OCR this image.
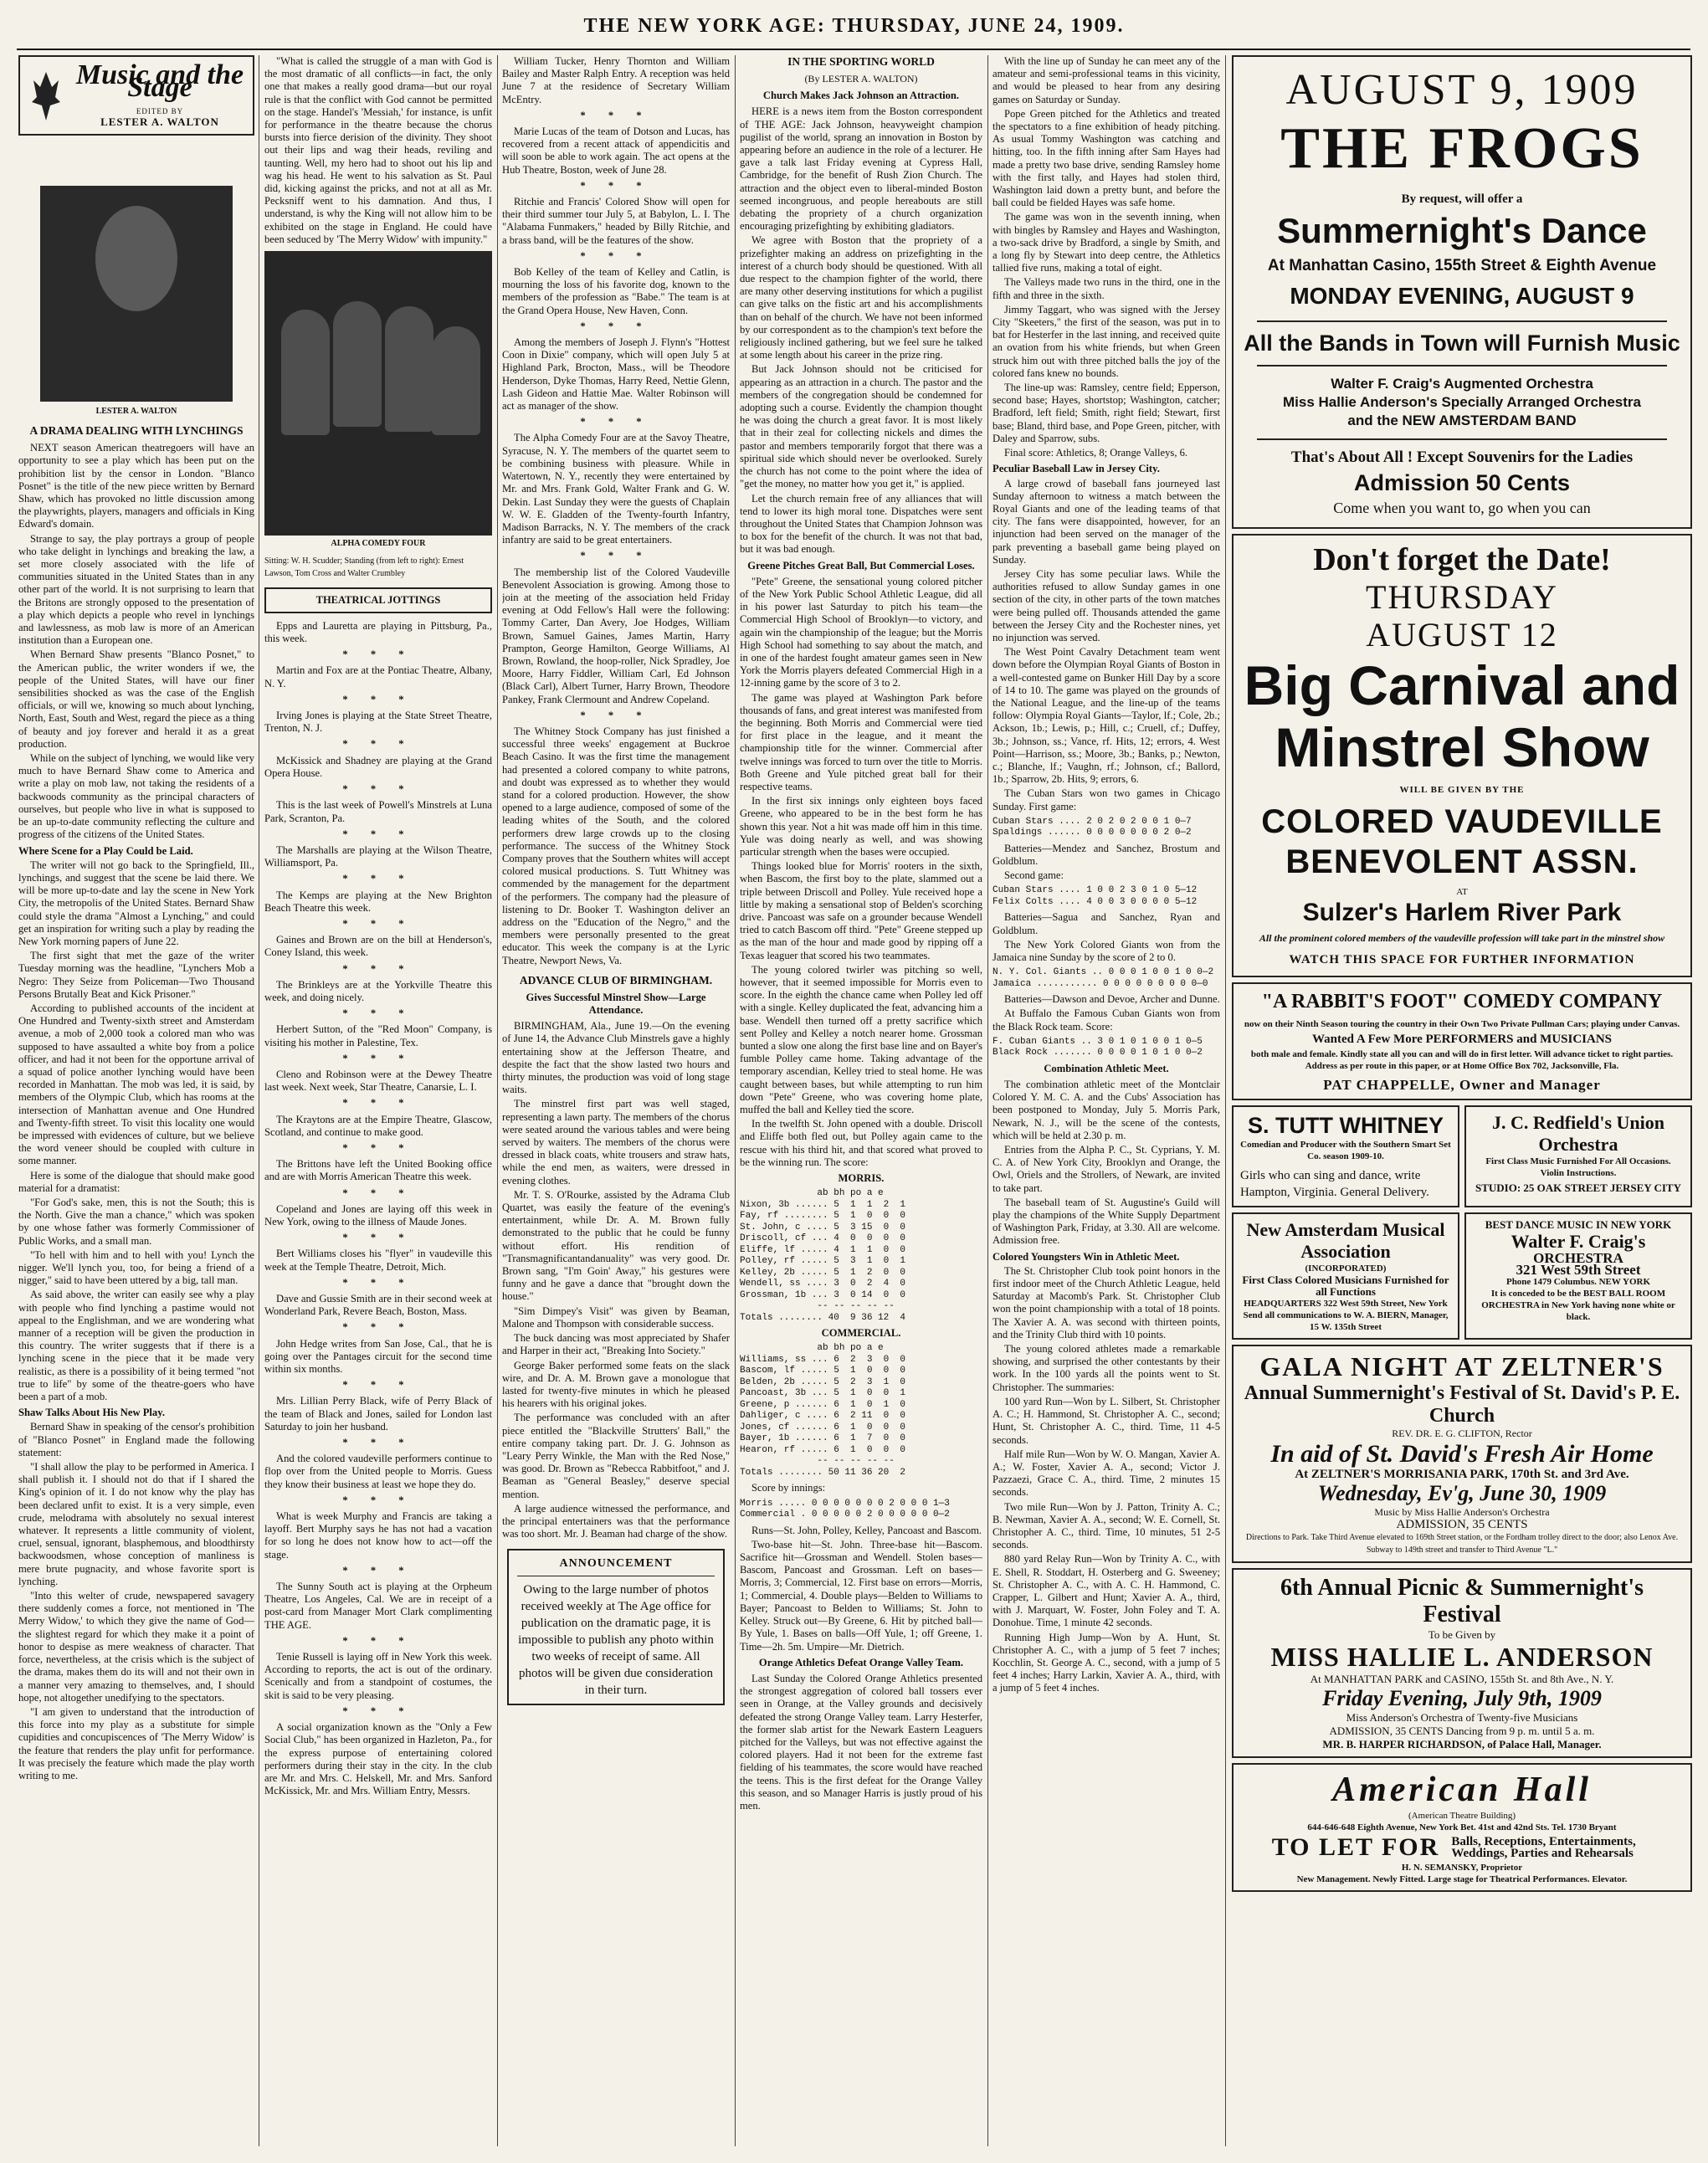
THE NEW YORK AGE: THURSDAY, JUNE 24, 1909.
Music and the Stage
EDITED BY
LESTER A. WALTON
LESTER A. WALTON
A DRAMA DEALING WITH LYNCHINGS

NEXT season American theatregoers will have an opportunity to see a play which has been put on the prohibition list by the censor in London. "Blanco Posnet" is the title of the new piece written by Bernard Shaw, which has provoked no little discussion among the playwrights, players, managers and officials in King Edward's domain.

Strange to say, the play portrays a group of people who take delight in lynchings and breaking the law, a set more closely associated with the life of communities situated in the United States than in any other part of the world. It is not surprising to learn that the Britons are strongly opposed to the presentation of a play which depicts a people who revel in lynchings and lawlessness, as mob law is more of an American institution than a European one.

When Bernard Shaw presents "Blanco Posnet," to the American public, the writer wonders if we, the people of the United States, will have our finer sensibilities shocked as was the case of the English officials, or will we, knowing so much about lynching, North, East, South and West, regard the piece as a thing of beauty and joy forever and herald it as a great production.

While on the subject of lynching, we would like very much to have Bernard Shaw come to America and write a play on mob law, not taking the residents of a backwoods community as the principal characters of ourselves, but people who live in what is supposed to be an up-to-date community reflecting the culture and progress of the citizens of the United States.

Where Scene for a Play Could be Laid.

The writer will not go back to the Springfield, Ill., lynchings, and suggest that the scene be laid there. We will be more up-to-date and lay the scene in New York City, the metropolis of the United States. Bernard Shaw could style the drama "Almost a Lynching," and could get an inspiration for writing such a play by reading the New York morning papers of June 22.

The first sight that met the gaze of the writer Tuesday morning was the headline, "Lynchers Mob a Negro: They Seize from Policeman—Two Thousand Persons Brutally Beat and Kick Prisoner."

According to published accounts of the incident at One Hundred and Twenty-sixth street and Amsterdam avenue, a mob of 2,000 took a colored man who was supposed to have assaulted a white boy from a police officer, and had it not been for the opportune arrival of a squad of police another lynching would have been recorded in Manhattan. The mob was led, it is said, by members of the Olympic Club, which has rooms at the intersection of Manhattan avenue and One Hundred and Twenty-fifth street. To visit this locality one would be impressed with evidences of culture, but we believe the word veneer should be coupled with culture in some manner.

Here is some of the dialogue that should make good material for a dramatist:

"For God's sake, men, this is not the South; this is the North. Give the man a chance," which was spoken by one whose father was formerly Commissioner of Public Works, and a small man.

"To hell with him and to hell with you! Lynch the nigger. We'll lynch you, too, for being a friend of a nigger," said to have been uttered by a big, tall man.

As said above, the writer can easily see why a play with people who find lynching a pastime would not appeal to the Englishman, and we are wondering what manner of a reception will be given the production in this country. The writer suggests that if there is a lynching scene in the piece that it be made very realistic, as there is a possibility of it being termed "not true to life" by some of the theatre-goers who have been a part of a mob.

Shaw Talks About His New Play.

Bernard Shaw in speaking of the censor's prohibition of "Blanco Posnet" in England made the following statement:

"I shall allow the play to be performed in America. I shall publish it. I should not do that if I shared the King's opinion of it. I do not know why the play has been declared unfit to exist. It is a very simple, even crude, melodrama with absolutely no sexual interest whatever. It represents a little community of violent, cruel, sensual, ignorant, blasphemous, and bloodthirsty backwoodsmen, whose conception of manliness is mere brute pugnacity, and whose favorite sport is lynching.

"Into this welter of crude, newspapered savagery there suddenly comes a force, not mentioned in 'The Merry Widow,' to which they give the name of God—the slightest regard for which they make it a point of honor to despise as mere weakness of character. That force, nevertheless, at the crisis which is the subject of the drama, makes them do its will and not their own in a manner very amazing to themselves, and, I should hope, not altogether unedifying to the spectators.

"I am given to understand that the introduction of this force into my play as a substitute for simple cupidities and concupiscences of 'The Merry Widow' is the feature that renders the play unfit for performance. It was precisely the feature which made the play worth writing to me.

"What is called the struggle of a man with God is the most dramatic of all conflicts—in fact, the only one that makes a really good drama—but our royal rule is that the conflict with God cannot be permitted on the stage. Handel's 'Messiah,' for instance, is unfit for performance in the theatre because the chorus bursts into fierce derision of the divinity. They shoot out their lips and wag their heads, reviling and taunting. Well, my hero had to shoot out his lip and wag his head. He went to his salvation as St. Paul did, kicking against the pricks, and not at all as Mr. Pecksniff went to his damnation. And thus, I understand, is why the King will not allow him to be exhibited on the stage in England. He could have been seduced by 'The Merry Widow' with impunity."

ALPHA COMEDY FOUR
Sitting: W. H. Scudder; Standing (from left to right): Ernest Lawson, Tom Cross and Walter Crumbley
THEATRICAL JOTTINGS

Epps and Lauretta are playing in Pittsburg, Pa., this week.

* * *

Martin and Fox are at the Pontiac Theatre, Albany, N. Y.

* * *

Irving Jones is playing at the State Street Theatre, Trenton, N. J.

* * *

McKissick and Shadney are playing at the Grand Opera House.

* * *

This is the last week of Powell's Minstrels at Luna Park, Scranton, Pa.

* * *

The Marshalls are playing at the Wilson Theatre, Williamsport, Pa.

* * *

The Kemps are playing at the New Brighton Beach Theatre this week.

* * *

Gaines and Brown are on the bill at Henderson's, Coney Island, this week.

* * *

The Brinkleys are at the Yorkville Theatre this week, and doing nicely.

* * *

Herbert Sutton, of the "Red Moon" Company, is visiting his mother in Palestine, Tex.

* * *

Cleno and Robinson were at the Dewey Theatre last week. Next week, Star Theatre, Canarsie, L. I.

* * *

The Kraytons are at the Empire Theatre, Glascow, Scotland, and continue to make good.

* * *

The Brittons have left the United Booking office and are with Morris American Theatre this week.

* * *

Copeland and Jones are laying off this week in New York, owing to the illness of Maude Jones.

* * *

Bert Williams closes his "flyer" in vaudeville this week at the Temple Theatre, Detroit, Mich.

* * *

Dave and Gussie Smith are in their second week at Wonderland Park, Revere Beach, Boston, Mass.

* * *

John Hedge writes from San Jose, Cal., that he is going over the Pantages circuit for the second time within six months.

* * *

Mrs. Lillian Perry Black, wife of Perry Black of the team of Black and Jones, sailed for London last Saturday to join her husband.

* * *

And the colored vaudeville performers continue to flop over from the United people to Morris. Guess they know their business at least we hope they do.

* * *

What is week Murphy and Francis are taking a layoff. Bert Murphy says he has not had a vacation for so long he does not know how to act—off the stage.

* * *

The Sunny South act is playing at the Orpheum Theatre, Los Angeles, Cal. We are in receipt of a post-card from Manager Mort Clark complimenting THE AGE.

* * *

Tenie Russell is laying off in New York this week. According to reports, the act is out of the ordinary. Scenically and from a standpoint of costumes, the skit is said to be very pleasing.

* * *

A social organization known as the "Only a Few Social Club," has been organized in Hazleton, Pa., for the express purpose of entertaining colored performers during their stay in the city. In the club are Mr. and Mrs. C. Helskell, Mr. and Mrs. Sanford McKissick, Mr. and Mrs. William Entry, Messrs.

William Tucker, Henry Thornton and William Bailey and Master Ralph Entry. A reception was held June 7 at the residence of Secretary William McEntry.

* * *

Marie Lucas of the team of Dotson and Lucas, has recovered from a recent attack of appendicitis and will soon be able to work again. The act opens at the Hub Theatre, Boston, week of June 28.

* * *

Ritchie and Francis' Colored Show will open for their third summer tour July 5, at Babylon, L. I. The "Alabama Funmakers," headed by Billy Ritchie, and a brass band, will be the features of the show.

* * *

Bob Kelley of the team of Kelley and Catlin, is mourning the loss of his favorite dog, known to the members of the profession as "Babe." The team is at the Grand Opera House, New Haven, Conn.

* * *

Among the members of Joseph J. Flynn's "Hottest Coon in Dixie" company, which will open July 5 at Highland Park, Brocton, Mass., will be Theodore Henderson, Dyke Thomas, Harry Reed, Nettie Glenn, Lash Gideon and Hattie Mae. Walter Robinson will act as manager of the show.

* * *

The Alpha Comedy Four are at the Savoy Theatre, Syracuse, N. Y. The members of the quartet seem to be combining business with pleasure. While in Watertown, N. Y., recently they were entertained by Mr. and Mrs. Frank Gold, Walter Frank and G. W. Dekin. Last Sunday they were the guests of Chaplain W. W. E. Gladden of the Twenty-fourth Infantry, Madison Barracks, N. Y. The members of the crack infantry are said to be great entertainers.

* * *

The membership list of the Colored Vaudeville Benevolent Association is growing. Among those to join at the meeting of the association held Friday evening at Odd Fellow's Hall were the following: Tommy Carter, Dan Avery, Joe Hodges, William Brown, Samuel Gaines, James Martin, Harry Prampton, George Hamilton, George Williams, Al Brown, Rowland, the hoop-roller, Nick Spradley, Joe Moore, Harry Fiddler, William Carl, Ed Johnson (Black Carl), Albert Turner, Harry Brown, Theodore Pankey, Frank Clermount and Andrew Copeland.

* * *

The Whitney Stock Company has just finished a successful three weeks' engagement at Buckroe Beach Casino. It was the first time the management had presented a colored company to white patrons, and doubt was expressed as to whether they would stand for a colored production. However, the show opened to a large audience, composed of some of the leading whites of the South, and the colored performers drew large crowds up to the closing performance. The success of the Whitney Stock Company proves that the Southern whites will accept colored musical productions. S. Tutt Whitney was commended by the management for the department of the performers. The company had the pleasure of listening to Dr. Booker T. Washington deliver an address on the "Education of the Negro," and the members were personally presented to the great educator. This week the company is at the Lyric Theatre, Newport News, Va.

ADVANCE CLUB OF BIRMINGHAM.
Gives Successful Minstrel Show—Large Attendance.

BIRMINGHAM, Ala., June 19.—On the evening of June 14, the Advance Club Minstrels gave a highly entertaining show at the Jefferson Theatre, and despite the fact that the show lasted two hours and thirty minutes, the production was void of long stage waits.

The minstrel first part was well staged, representing a lawn party. The members of the chorus were seated around the various tables and were being served by waiters. The members of the chorus were dressed in black coats, white trousers and straw hats, while the end men, as waiters, were dressed in evening clothes.

Mr. T. S. O'Rourke, assisted by the Adrama Club Quartet, was easily the feature of the evening's entertainment, while Dr. A. M. Brown fully demonstrated to the public that he could be funny without effort. His rendition of "Transmagnificantandanuality" was very good. Dr. Brown sang, "I'm Goin' Away," his gestures were funny and he gave a dance that "brought down the house."

"Sim Dimpey's Visit" was given by Beaman, Malone and Thompson with considerable success.

The buck dancing was most appreciated by Shafer and Harper in their act, "Breaking Into Society."

George Baker performed some feats on the slack wire, and Dr. A. M. Brown gave a monologue that lasted for twenty-five minutes in which he pleased his hearers with his original jokes.

The performance was concluded with an after piece entitled the "Blackville Strutters' Ball," the entire company taking part. Dr. J. G. Johnson as "Leary Perry Winkle, the Man with the Red Nose," was good. Dr. Brown as "Rebecca Rabbitfoot," and J. Beaman as "General Beasley," deserve special mention.

A large audience witnessed the performance, and the principal entertainers was that the performance was too short. Mr. J. Beaman had charge of the show.

ANNOUNCEMENT
Owing to the large number of photos received weekly at The Age office for publication on the dramatic page, it is impossible to publish any photo within two weeks of receipt of same. All photos will be given due consideration in their turn.
IN THE SPORTING WORLD
(By LESTER A. WALTON)
Church Makes Jack Johnson an Attraction.

HERE is a news item from the Boston correspondent of THE AGE: Jack Johnson, heavyweight champion pugilist of the world, sprang an innovation in Boston by appearing before an audience in the role of a lecturer. He gave a talk last Friday evening at Cypress Hall, Cambridge, for the benefit of Rush Zion Church. The attraction and the object even to liberal-minded Boston seemed incongruous, and people hereabouts are still debating the propriety of a church organization encouraging prizefighting by exhibiting gladiators.

We agree with Boston that the propriety of a prizefighter making an address on prizefighting in the interest of a church body should be questioned. With all due respect to the champion fighter of the world, there are many other deserving institutions for which a pugilist can give talks on the fistic art and his accomplishments than on behalf of the church. We have not been informed by our correspondent as to the champion's text before the religiously inclined gathering, but we feel sure he talked at some length about his career in the prize ring.

But Jack Johnson should not be criticised for appearing as an attraction in a church. The pastor and the members of the congregation should be condemned for adopting such a course. Evidently the champion thought he was doing the church a great favor. It is most likely that in their zeal for collecting nickels and dimes the pastor and members temporarily forgot that there was a spiritual side which should never be overlooked. Surely the church has not come to the point where the idea of "get the money, no matter how you get it," is applied.

Let the church remain free of any alliances that will tend to lower its high moral tone. Dispatches were sent throughout the United States that Champion Johnson was to box for the benefit of the church. It was not that bad, but it was bad enough.

Greene Pitches Great Ball, But Commercial Loses.

"Pete" Greene, the sensational young colored pitcher of the New York Public School Athletic League, did all in his power last Saturday to pitch his team—the Commercial High School of Brooklyn—to victory, and again win the championship of the league; but the Morris High School had something to say about the match, and in one of the hardest fought amateur games seen in New York the Morris players defeated Commercial High in a 12-inning game by the score of 3 to 2.

The game was played at Washington Park before thousands of fans, and great interest was manifested from the beginning. Both Morris and Commercial were tied for first place in the league, and it meant the championship title for the winner. Commercial after twelve innings was forced to turn over the title to Morris. Both Greene and Yule pitched great ball for their respective teams.

In the first six innings only eighteen boys faced Greene, who appeared to be in the best form he has shown this year. Not a hit was made off him in this time. Yule was doing nearly as well, and was showing particular strength when the bases were occupied.

Things looked blue for Morris' rooters in the sixth, when Bascom, the first boy to the plate, slammed out a triple between Driscoll and Polley. Yule received hope a little by making a sensational stop of Belden's scorching drive. Pancoast was safe on a grounder because Wendell tried to catch Bascom off third. "Pete" Greene stepped up as the man of the hour and made good by ripping off a Texas leaguer that scored his two teammates.

The young colored twirler was pitching so well, however, that it seemed impossible for Morris even to score. In the eighth the chance came when Polley led off with a single. Kelley duplicated the feat, advancing him a base. Wendell then turned off a pretty sacrifice which sent Polley and Kelley a notch nearer home. Grossman bunted a slow one along the first base line and on Bayer's fumble Polley came home. Taking advantage of the temporary ascendian, Kelley tried to steal home. He was caught between bases, but while attempting to run him down "Pete" Greene, who was covering home plate, muffed the ball and Kelley tied the score.

In the twelfth St. John opened with a double. Driscoll and Eliffe both fled out, but Polley again came to the rescue with his third hit, and that scored what proved to be the winning run. The score:

MORRIS.
ab bh po a e
Nixon, 3b ...... 5  1  1  2  1
Fay, rf ........ 5  1  0  0  0
St. John, c .... 5  3 15  0  0
Driscoll, cf ... 4  0  0  0  0
Eliffe, lf ..... 4  1  1  0  0
Polley, rf ..... 5  3  1  0  1
Kelley, 2b ..... 5  1  2  0  0
Wendell, ss .... 3  0  2  4  0
Grossman, 1b ... 3  0 14  0  0
-- -- -- -- --
Totals ........ 40  9 36 12  4
COMMERCIAL.
ab bh po a e
Williams, ss ... 6  2  3  0  0
Bascom, lf ..... 5  1  0  0  0
Belden, 2b ..... 5  2  3  1  0
Pancoast, 3b ... 5  1  0  0  1
Greene, p ...... 6  1  0  1  0
Dahliger, c .... 6  2 11  0  0
Jones, cf ...... 6  1  0  0  0
Bayer, 1b ...... 6  1  7  0  0
Hearon, rf ..... 6  1  0  0  0
-- -- -- -- --
Totals ........ 50 11 36 20  2

Score by innings:

Morris ..... 0 0 0 0 0 0 0 2 0 0 0 1—3
Commercial . 0 0 0 0 0 2 0 0 0 0 0 0—2

Runs—St. John, Polley, Kelley, Pancoast and Bascom.

Two-base hit—St. John. Three-base hit—Bascom. Sacrifice hit—Grossman and Wendell. Stolen bases—Bascom, Pancoast and Grossman. Left on bases—Morris, 3; Commercial, 12. First base on errors—Morris, 1; Commercial, 4. Double plays—Belden to Williams to Bayer; Pancoast to Belden to Williams; St. John to Kelley. Struck out—By Greene, 6. Hit by pitched ball—By Yule, 1. Bases on balls—Off Yule, 1; off Greene, 1. Time—2h. 5m. Umpire—Mr. Dietrich.

Orange Athletics Defeat Orange Valley Team.

Last Sunday the Colored Orange Athletics presented the strongest aggregation of colored ball tossers ever seen in Orange, at the Valley grounds and decisively defeated the strong Orange Valley team. Larry Hesterfer, the former slab artist for the Newark Eastern Leaguers pitched for the Valleys, but was not effective against the colored players. Had it not been for the extreme fast fielding of his teammates, the score would have reached the teens. This is the first defeat for the Orange Valley this season, and so Manager Harris is justly proud of his men.

With the line up of Sunday he can meet any of the amateur and semi-professional teams in this vicinity, and would be pleased to hear from any desiring games on Saturday or Sunday.

Pope Green pitched for the Athletics and treated the spectators to a fine exhibition of heady pitching. As usual Tommy Washington was catching and hitting, too. In the fifth inning after Sam Hayes had made a pretty two base drive, sending Ramsley home with the first tally, and Hayes had stolen third, Washington laid down a pretty bunt, and before the ball could be fielded Hayes was safe home.

The game was won in the seventh inning, when with bingles by Ramsley and Hayes and Washington, a two-sack drive by Bradford, a single by Smith, and a long fly by Stewart into deep centre, the Athletics tallied five runs, making a total of eight.

The Valleys made two runs in the third, one in the fifth and three in the sixth.

Jimmy Taggart, who was signed with the Jersey City "Skeeters," the first of the season, was put in to bat for Hesterfer in the last inning, and received quite an ovation from his white friends, but when Green struck him out with three pitched balls the joy of the colored fans knew no bounds.

The line-up was: Ramsley, centre field; Epperson, second base; Hayes, shortstop; Washington, catcher; Bradford, left field; Smith, right field; Stewart, first base; Bland, third base, and Pope Green, pitcher, with Daley and Sparrow, subs.

Final score: Athletics, 8; Orange Valleys, 6.

Peculiar Baseball Law in Jersey City.

A large crowd of baseball fans journeyed last Sunday afternoon to witness a match between the Royal Giants and one of the leading teams of that city. The fans were disappointed, however, for an injunction had been served on the manager of the park preventing a baseball game being played on Sunday.

Jersey City has some peculiar laws. While the authorities refused to allow Sunday games in one section of the city, in other parts of the town matches were being pulled off. Thousands attended the game between the Jersey City and the Rochester nines, yet no injunction was served.

The West Point Cavalry Detachment team went down before the Olympian Royal Giants of Boston in a well-contested game on Bunker Hill Day by a score of 14 to 10. The game was played on the grounds of the National League, and the line-up of the teams follow: Olympia Royal Giants—Taylor, lf.; Cole, 2b.; Ackson, 1b.; Lewis, p.; Hill, c.; Cruell, cf.; Duffey, 3b.; Johnson, ss.; Vance, rf. Hits, 12; errors, 4. West Point—Harrison, ss.; Moore, 3b.; Banks, p.; Newton, c.; Blanche, lf.; Vaughn, rf.; Johnson, cf.; Ballord, 1b.; Sparrow, 2b. Hits, 9; errors, 6.

The Cuban Stars won two games in Chicago Sunday. First game:

Cuban Stars .... 2 0 2 0 2 0 0 1 0—7
Spaldings ...... 0 0 0 0 0 0 0 2 0—2

Batteries—Mendez and Sanchez, Brostum and Goldblum.

Second game:

Cuban Stars .... 1 0 0 2 3 0 1 0 5—12
Felix Colts .... 4 0 0 3 0 0 0 0 5—12

Batteries—Sagua and Sanchez, Ryan and Goldblum.

The New York Colored Giants won from the Jamaica nine Sunday by the score of 2 to 0.

N. Y. Col. Giants .. 0 0 0 1 0 0 1 0 0—2
Jamaica ........... 0 0 0 0 0 0 0 0 0—0

Batteries—Dawson and Devoe, Archer and Dunne.

At Buffalo the Famous Cuban Giants won from the Black Rock team. Score:

F. Cuban Giants .. 3 0 1 0 1 0 0 1 0—5
Black Rock ....... 0 0 0 0 1 0 1 0 0—2
Combination Athletic Meet.

The combination athletic meet of the Montclair Colored Y. M. C. A. and the Cubs' Association has been postponed to Monday, July 5. Morris Park, Newark, N. J., will be the scene of the contests, which will be held at 2.30 p. m.

Entries from the Alpha P. C., St. Cyprians, Y. M. C. A. of New York City, Brooklyn and Orange, the Owl, Oriels and the Strollers, of Newark, are invited to take part.

The baseball team of St. Augustine's Guild will play the champions of the White Supply Department of Washington Park, Friday, at 3.30. All are welcome. Admission free.

Colored Youngsters Win in Athletic Meet.

The St. Christopher Club took point honors in the first indoor meet of the Church Athletic League, held Saturday at Macomb's Park. St. Christopher Club won the point championship with a total of 18 points. The Xavier A. A. was second with thirteen points, and the Trinity Club third with 10 points.

The young colored athletes made a remarkable showing, and surprised the other contestants by their work. In the 100 yards all the points went to St. Christopher. The summaries:

100 yard Run—Won by L. Silbert, St. Christopher A. C.; H. Hammond, St. Christopher A. C., second; Hunt, St. Christopher A. C., third. Time, 11 4-5 seconds.

Half mile Run—Won by W. O. Mangan, Xavier A. A.; W. Foster, Xavier A. A., second; Victor J. Pazzaezi, Grace C. A., third. Time, 2 minutes 15 seconds.

Two mile Run—Won by J. Patton, Trinity A. C.; B. Newman, Xavier A. A., second; W. E. Cornell, St. Christopher A. C., third. Time, 10 minutes, 51 2-5 seconds.

880 yard Relay Run—Won by Trinity A. C., with E. Shell, R. Stoddart, H. Osterberg and G. Sweeney; St. Christopher A. C., with A. C. H. Hammond, C. Crapper, L. Gilbert and Hunt; Xavier A. A., third, with J. Marquart, W. Foster, John Foley and T. A. Donohue. Time, 1 minute 42 seconds.

Running High Jump—Won by A. Hunt, St. Christopher A. C., with a jump of 5 feet 7 inches; Kocchlin, St. George A. C., second, with a jump of 5 feet 4 inches; Harry Larkin, Xavier A. A., third, with a jump of 5 feet 4 inches.

AUGUST 9, 1909
THE FROGS
By request, will offer a
Summernight's Dance
At Manhattan Casino, 155th Street & Eighth Avenue
MONDAY EVENING, AUGUST 9
All the Bands in Town will Furnish Music
Walter F. Craig's Augmented Orchestra
Miss Hallie Anderson's Specially Arranged Orchestra
and the NEW AMSTERDAM BAND
That's About All ! Except Souvenirs for the Ladies
Admission 50 Cents
Come when you want to, go when you can
Don't forget the Date!
THURSDAY
AUGUST 12
Big Carnival and Minstrel Show
WILL BE GIVEN BY THE
COLORED VAUDEVILLE BENEVOLENT ASSN.
AT
Sulzer's Harlem River Park
All the prominent colored members of the vaudeville profession will take part in the minstrel show
WATCH THIS SPACE FOR FURTHER INFORMATION
"A RABBIT'S FOOT" COMEDY COMPANY
now on their Ninth Season touring the country in their Own Two Private Pullman Cars; playing under Canvas.
Wanted A Few More PERFORMERS and MUSICIANS
both male and female. Kindly state all you can and will do in first letter. Will advance ticket to right parties. Address as per route in this paper, or at Home Office Box 702, Jacksonville, Fla.
PAT CHAPPELLE, Owner and Manager
S. TUTT WHITNEY
Comedian and Producer with the Southern Smart Set Co. season 1909-10.
Girls who can sing and dance, write Hampton, Virginia. General Delivery.
J. C. Redfield's Union Orchestra
First Class Music Furnished For All Occasions. Violin Instructions.
STUDIO: 25 OAK STREET JERSEY CITY
New Amsterdam Musical Association
(INCORPORATED)
First Class Colored Musicians Furnished for all Functions
HEADQUARTERS 322 West 59th Street, New York
Send all communications to W. A. BIERN, Manager, 15 W. 135th Street
BEST DANCE MUSIC IN NEW YORK
Walter F. Craig's
ORCHESTRA
321 West 59th Street
Phone 1479 Columbus. NEW YORK
It is conceded to be the BEST BALL ROOM ORCHESTRA in New York having none white or black.
GALA NIGHT AT ZELTNER'S
Annual Summernight's Festival of St. David's P. E. Church
REV. DR. E. G. CLIFTON, Rector
In aid of St. David's Fresh Air Home
At ZELTNER'S MORRISANIA PARK, 170th St. and 3rd Ave.
Wednesday, Ev'g, June 30, 1909
Music by Miss Hallie Anderson's Orchestra
ADMISSION, 35 CENTS
Directions to Park. Take Third Avenue elevated to 169th Street station, or the Fordham trolley direct to the door; also Lenox Ave. Subway to 149th street and transfer to Third Avenue "L."
6th Annual Picnic & Summernight's Festival
To be Given by
MISS HALLIE L. ANDERSON
At MANHATTAN PARK and CASINO, 155th St. and 8th Ave., N. Y.
Friday Evening, July 9th, 1909
Miss Anderson's Orchestra of Twenty-five Musicians
ADMISSION, 35 CENTS Dancing from 9 p. m. until 5 a. m.
MR. B. HARPER RICHARDSON, of Palace Hall, Manager.
American Hall
(American Theatre Building)
644-646-648 Eighth Avenue, New York Bet. 41st and 42nd Sts. Tel. 1730 Bryant
TO LET FOR Balls, Receptions, Entertainments, Weddings, Parties and Rehearsals
H. N. SEMANSKY, Proprietor
New Management. Newly Fitted. Large stage for Theatrical Performances. Elevator.
